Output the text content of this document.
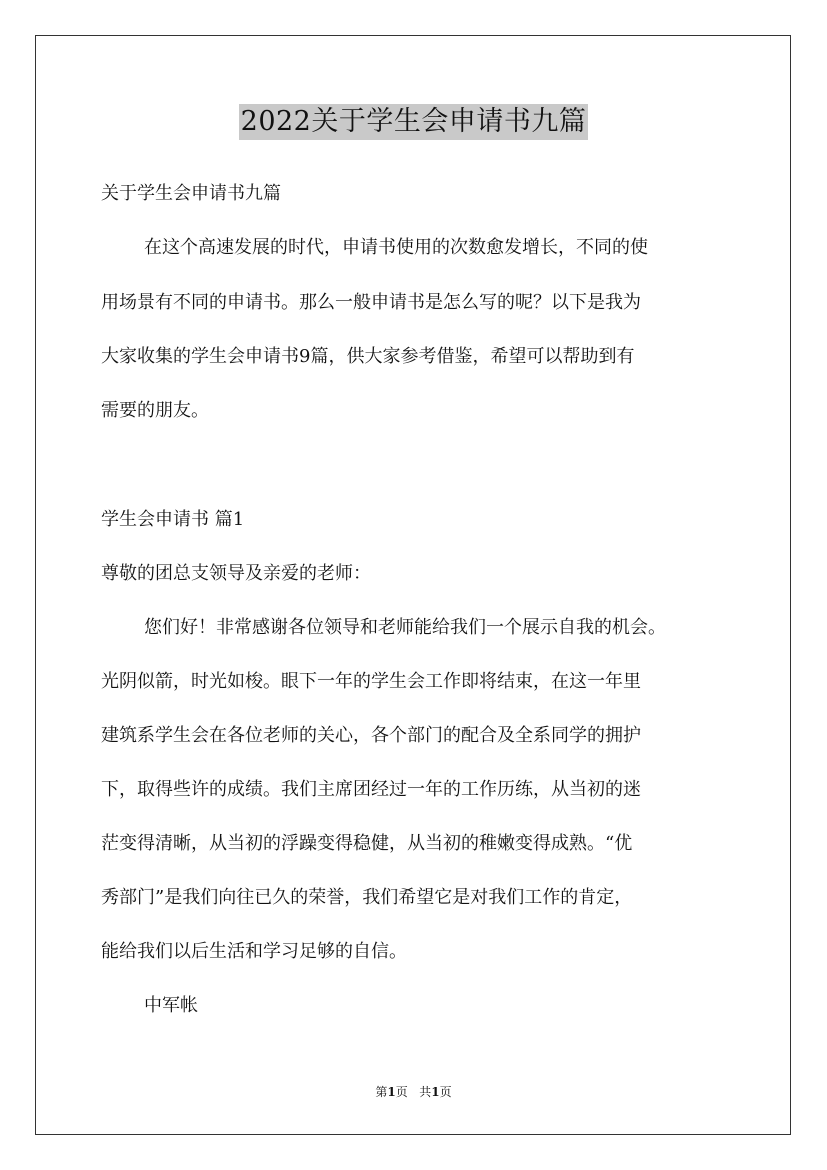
2022关于学生会申请书九篇
关于学生会申请书九篇
在这个高速发展的时代，申请书使用的次数愈发增长，不同的使
用场景有不同的申请书。那么一般申请书是怎么写的呢？以下是我为
大家收集的学生会申请书9篇，供大家参考借鉴，希望可以帮助到有
需要的朋友。
学生会申请书 篇1
尊敬的团总支领导及亲爱的老师：
您们好！非常感谢各位领导和老师能给我们一个展示自我的机会。
光阴似箭，时光如梭。眼下一年的学生会工作即将结束，在这一年里
建筑系学生会在各位老师的关心，各个部门的配合及全系同学的拥护
下，取得些许的成绩。我们主席团经过一年的工作历练，从当初的迷
茫变得清晰，从当初的浮躁变得稳健，从当初的稚嫩变得成熟。“优
秀部门”是我们向往已久的荣誉，我们希望它是对我们工作的肯定，
能给我们以后生活和学习足够的自信。
中军帐
第1页   共1页
